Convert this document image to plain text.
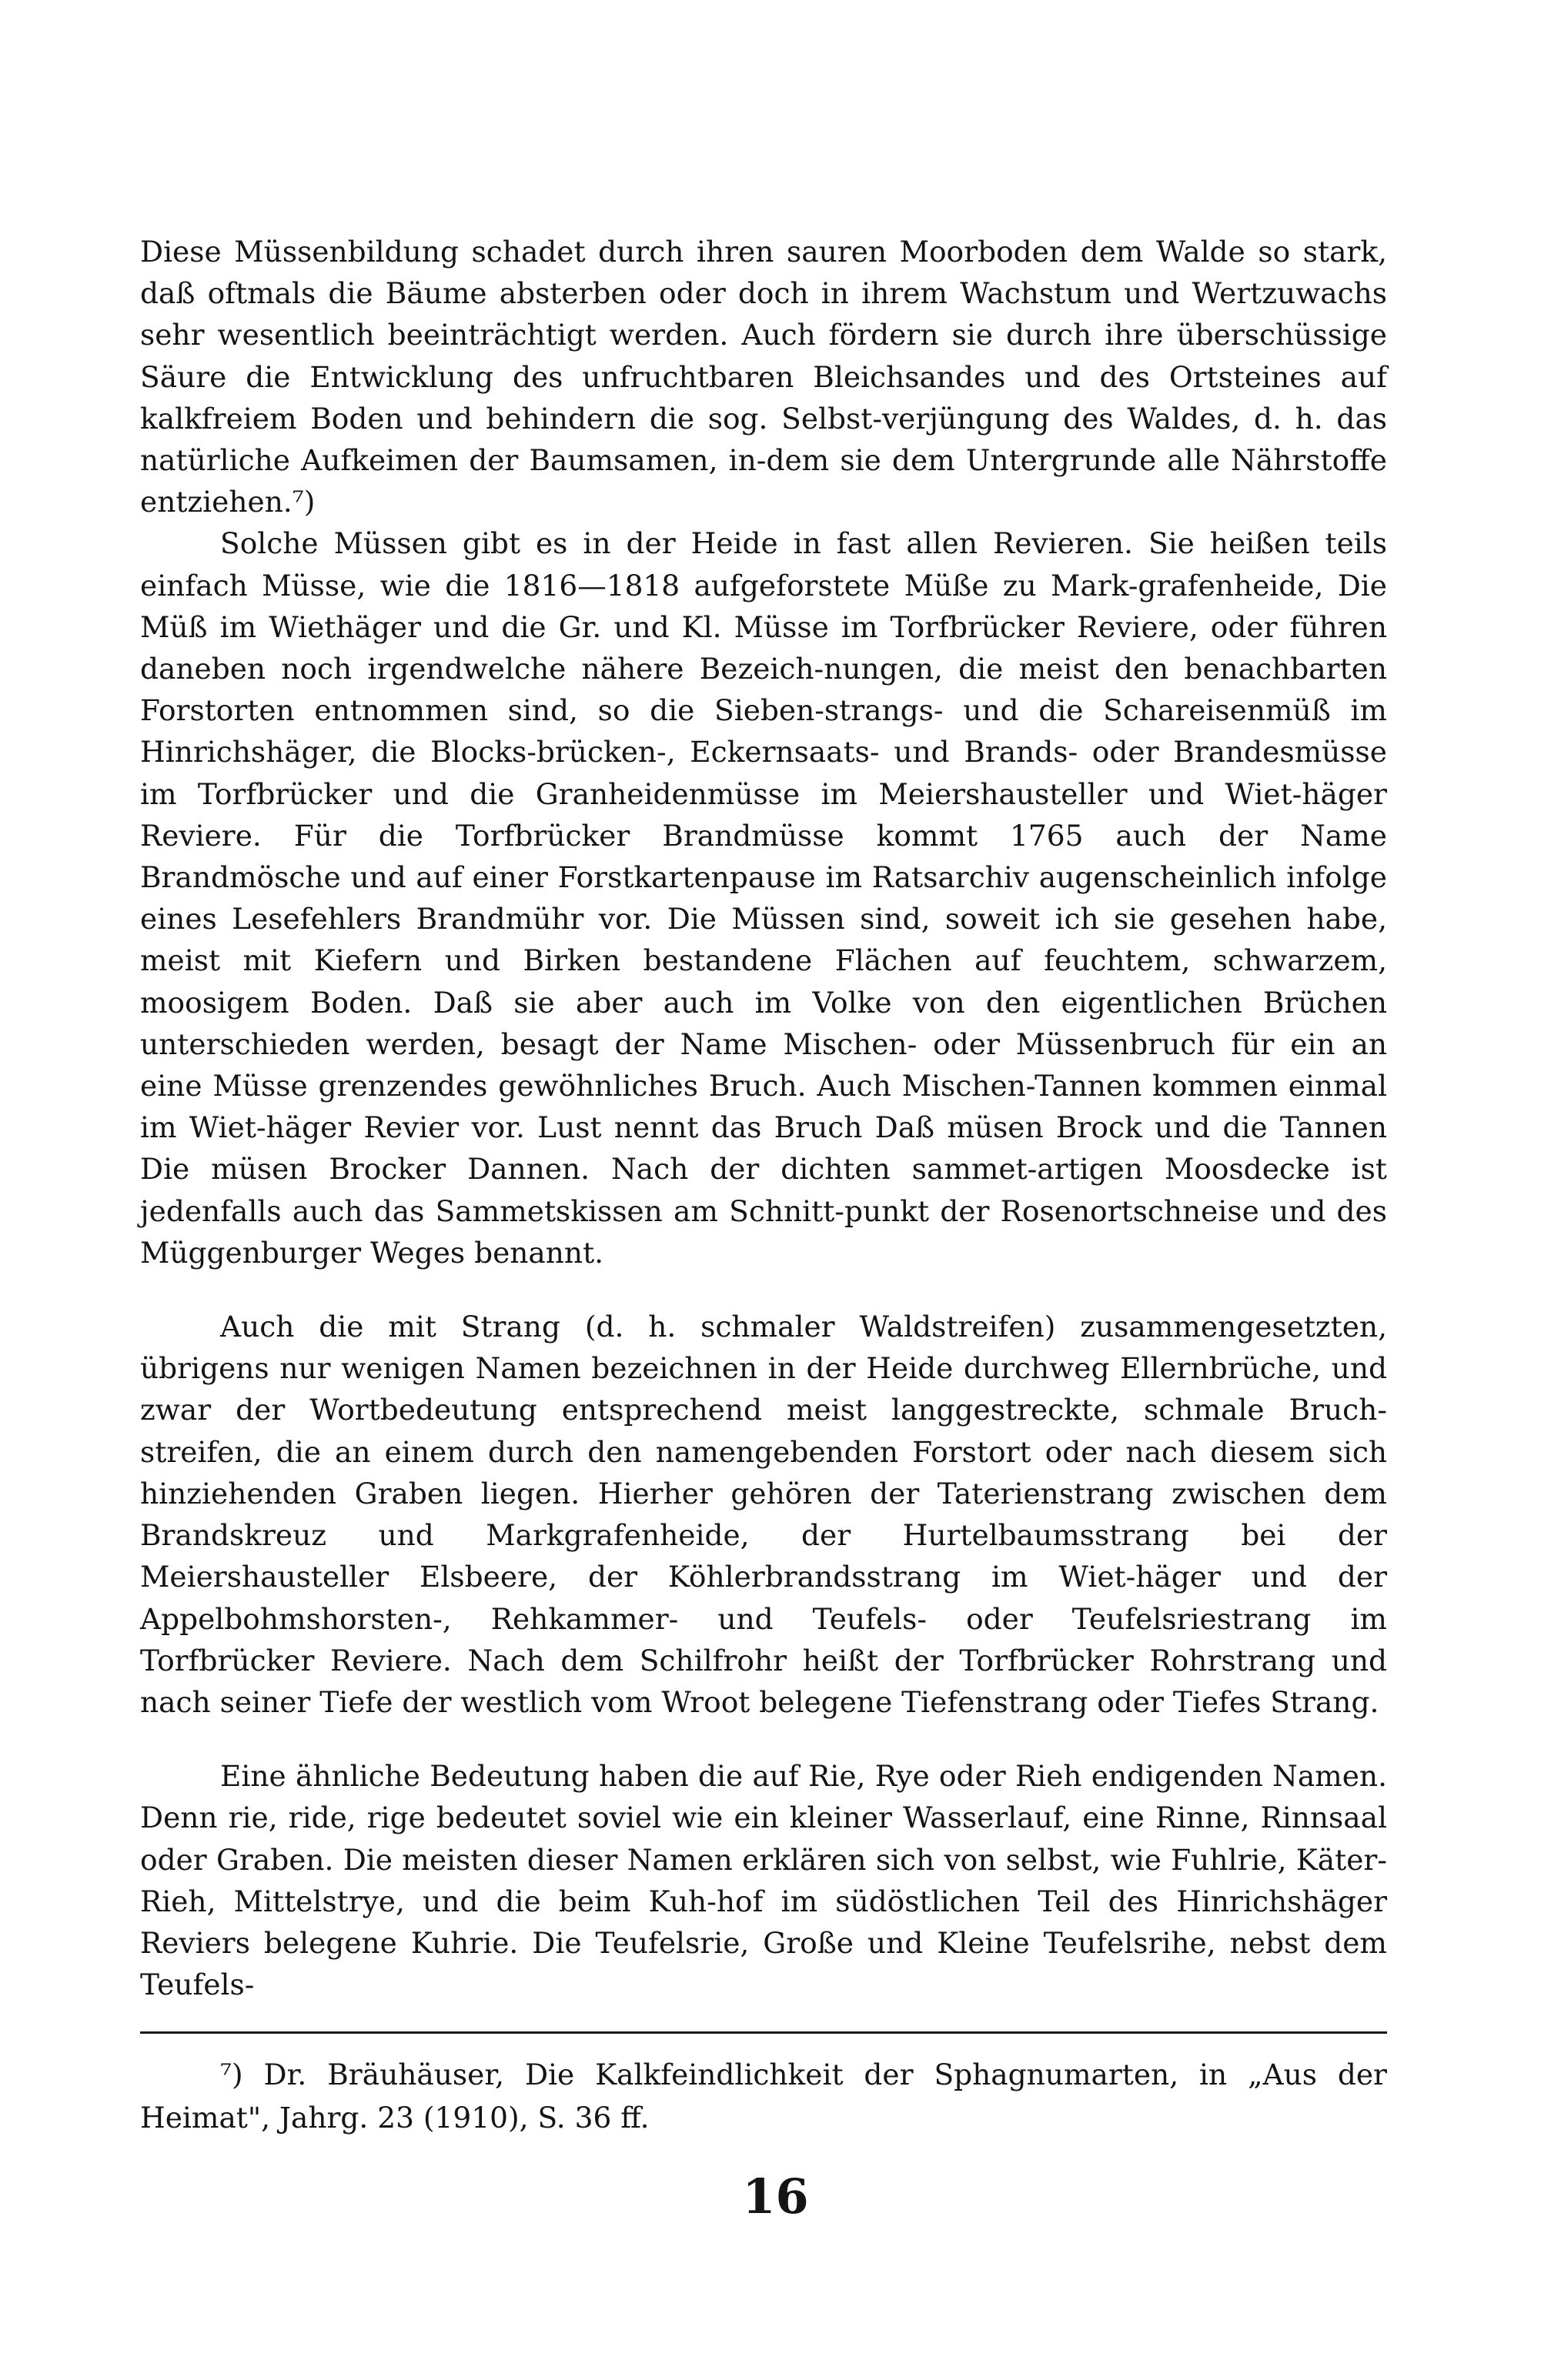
Diese Müssenbildung schadet durch ihren sauren Moorboden dem Walde so stark, daß oftmals die Bäume absterben oder doch in ihrem Wachstum und Wertzuwachs sehr wesentlich beeinträchtigt werden. Auch fördern sie durch ihre überschüssige Säure die Entwicklung des unfruchtbaren Bleichsandes und des Ortsteines auf kalkfreiem Boden und behindern die sog. Selbst-verjüngung des Waldes, d. h. das natürliche Aufkeimen der Baumsamen, in-dem sie dem Untergrunde alle Nährstoffe entziehen.⁷)

Solche Müssen gibt es in der Heide in fast allen Revieren. Sie heißen teils einfach Müsse, wie die 1816—1818 aufgeforstete Müße zu Mark-grafenheide, Die Müß im Wiethäger und die Gr. und Kl. Müsse im Torfbrücker Reviere, oder führen daneben noch irgendwelche nähere Bezeich-nungen, die meist den benachbarten Forstorten entnommen sind, so die Sieben-strangs- und die Schareisenmüß im Hinrichshäger, die Blocks-brücken-, Eckernsaats- und Brands- oder Brandesmüsse im Torfbrücker und die Granheidenmüsse im Meiershausteller und Wiet-häger Reviere. Für die Torfbrücker Brandmüsse kommt 1765 auch der Name Brandmösche und auf einer Forstkartenpause im Ratsarchiv augenscheinlich infolge eines Lesefehlers Brandmühr vor. Die Müssen sind, soweit ich sie gesehen habe, meist mit Kiefern und Birken bestandene Flächen auf feuchtem, schwarzem, moosigem Boden. Daß sie aber auch im Volke von den eigentlichen Brüchen unterschieden werden, besagt der Name Mischen- oder Müssenbruch für ein an eine Müsse grenzendes gewöhnliches Bruch. Auch Mischen-Tannen kommen einmal im Wiet-häger Revier vor. Lust nennt das Bruch Daß müsen Brock und die Tannen Die müsen Brocker Dannen. Nach der dichten sammet-artigen Moosdecke ist jedenfalls auch das Sammetskissen am Schnitt-punkt der Rosenortschneise und des Müggenburger Weges benannt.

Auch die mit Strang (d. h. schmaler Waldstreifen) zusammengesetzten, übrigens nur wenigen Namen bezeichnen in der Heide durchweg Ellernbrüche, und zwar der Wortbedeutung entsprechend meist langgestreckte, schmale Bruch-streifen, die an einem durch den namengebenden Forstort oder nach diesem sich hinziehenden Graben liegen. Hierher gehören der Taterienstrang zwischen dem Brandskreuz und Markgrafenheide, der Hurtelbaumsstrang bei der Meiershausteller Elsbeere, der Köhlerbrandsstrang im Wiet-häger und der Appelbohmshorsten-, Rehkammer- und Teufels- oder Teufelsriestrang im Torfbrücker Reviere. Nach dem Schilfrohr heißt der Torfbrücker Rohrstrang und nach seiner Tiefe der westlich vom Wroot belegene Tiefenstrang oder Tiefes Strang.

Eine ähnliche Bedeutung haben die auf Rie, Rye oder Rieh endigenden Namen. Denn rie, ride, rige bedeutet soviel wie ein kleiner Wasserlauf, eine Rinne, Rinnsaal oder Graben. Die meisten dieser Namen erklären sich von selbst, wie Fuhlrie, Käter-Rieh, Mittelstrye, und die beim Kuh-hof im südöstlichen Teil des Hinrichshäger Reviers belegene Kuhrie. Die Teufelsrie, Große und Kleine Teufelsrihe, nebst dem Teufels-

⁷) Dr. Bräuhäuser, Die Kalkfeindlichkeit der Sphagnumarten, in „Aus der Heimat", Jahrg. 23 (1910), S. 36 ff.
16
